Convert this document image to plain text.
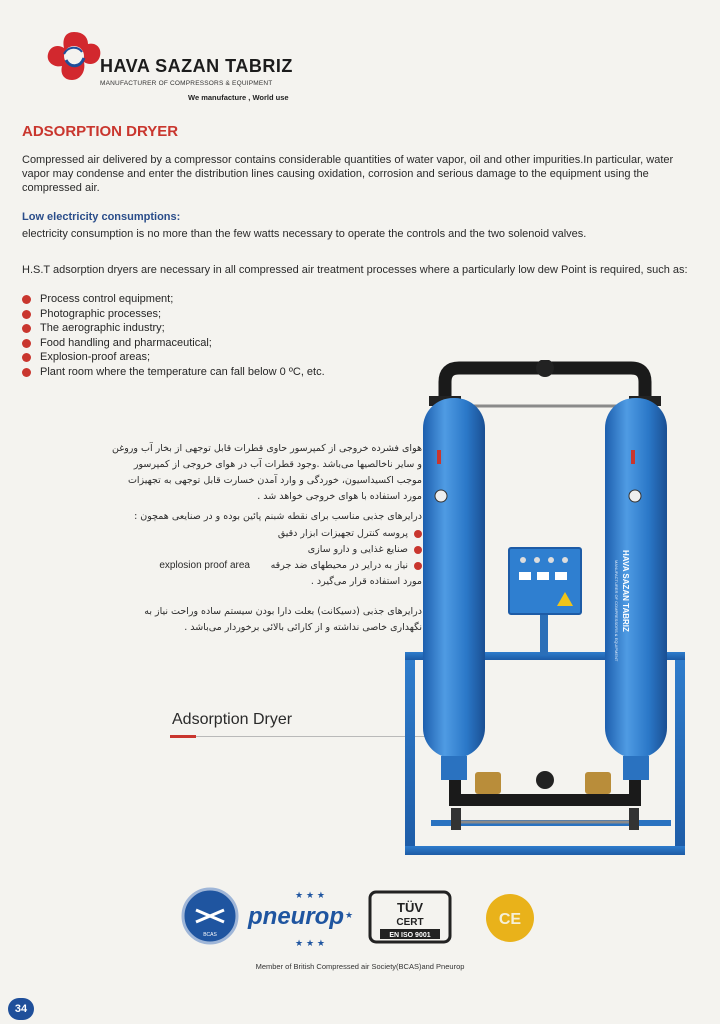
HAVA SAZAN TABRIZ
MANUFACTURER OF COMPRESSORS & EQUIPMENT
We manufacture , World use
ADSORPTION DRYER
Compressed air delivered by a compressor contains considerable quantities of water vapor, oil and other impurities.In particular, water vapor may condense and enter the distribution lines causing oxidation, corrosion and serious damage to the equipment using the compressed air.
Low electricity consumptions:
electricity consumption is no more than the few watts necessary to operate the controls and the two solenoid valves.
H.S.T adsorption dryers are necessary in all compressed air treatment processes where a particularly low dew Point is required, such as:
Process control equipment;
Photographic processes;
The aerographic industry;
Food handling and pharmaceutical;
Explosion-proof areas;
Plant room where the temperature can fall below 0 ºC, etc.
هوای فشرده خروجی از کمپرسور حاوی قطرات قابل توجهی از بخار آب وروغن و سایر ناخالصیها می‌باشد .وجود قطرات آب در هوای خروجی از کمپرسور موجب اکسیداسیون، خوردگی و وارد آمدن خسارت قابل توجهی به تجهیزات مورد استفاده با هوای خروجی خواهد شد .
درایرهای جذبی مناسب برای نقطه شبنم پائین بوده و در صنایعی همچون :
پروسه کنترل تجهیزات ابزار دقیق
صنایع غذایی و دارو سازی
نیاز به درایر در محیطهای ضد جرقه
explosion proof area
مورد استفاده قرار می‌گیرد .
درایرهای جذبی (دسیکانت) بعلت دارا بودن سیستم ساده وراحت نیاز به نگهداری خاصی نداشته و از کارائی بالائی برخوردار می‌باشد .
Adsorption Dryer
HAVA SAZAN TABRIZ
MANUFACTURER OF COMPRESSORS & EQUIPMENT
BCAS
pneurop
★ ★ ★
★
★ ★ ★
TÜV
CERT
EN ISO 9001
CE
Member of British Compressed air Society(BCAS)and Pneurop
34
